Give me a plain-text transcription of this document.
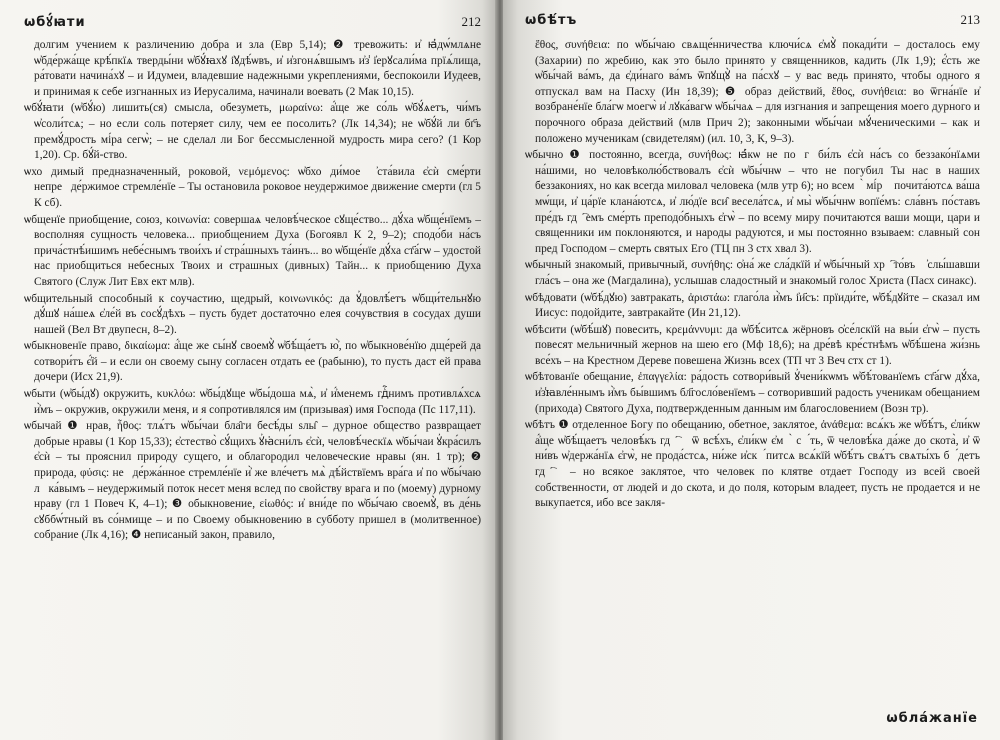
ѡбꙋ́ꙗти	212

долгим учением к различению добра и зла (Евр 5,14); ❷ тревожить: и҆ ꙗ҆дѡ́млѧне ѡ҆бде́ржа́ще крѣ́пкїѧ тверды́ни ѡ҆бꙋ́ꙗхꙋ і҆ꙋдѣ́ѡвъ, и҆ и҆згонѧ́вшымъ и҆з̾ і҆ерꙋсали́ма прїѧ́лища, ра́товати начина́хꙋ – и Идумеи, владевшие надежными укреплениями, беспокоили Иудеев, и принимая к себе изгнанных из Иерусалима, начинали воевать (2 Мак 10,15).

ѡбꙋ́ꙗти (ѡ҆бꙋ́ю) лишить(ся) смысла, обезуметь, μωραίνω: а҆́ще же со́ль ѡ҆бꙋ́ѧетъ, чи́мъ ѡ҆соли́тсѧ; – но если соль потеряет силу, чем ее посолить? (Лк 14,34); не ѡ҆бꙋ́й ли бг҃ъ премꙋ́дрость мі́ра сегѡ̀; – не сделал ли Бог бессмысленной мудрость мира сего? (1 Кор 1,20). Ср. бꙋ́й-ство.

ѡхоꙺдимый предназначенный, роковой, νεμόμενος: ѡ҆бхоꙺди́мое ꙋ҆ста́вила є҆сѝ сме́рти непреꙺде́ржимое стремле́нїе – Ты остановила роковое неудержимое движение смерти (гл 5 К сб).

ѡбщенїе приобщение, союз, κοινωνία: совершаѧ человѣ́ческое сꙋще́ство... дꙋ́ха ѡ҆бще́нїемъ – восполняя сущность человека... приобщением Духа (Богоявл К 2, 9–2); сподо́би на́съ прича́стнѣ́ишимъ небе́снымъ твои́хъ и҆ стра́шныхъ та́инъ... во ѡ҆бще́нїе дꙋ́ха ст҃а́гѡ – удостой нас приобщиться небесных Твоих и страшных (дивных) Тайн... к приобщению Духа Святого (Служ Лит Евх ект млв).

ѡбщительный способный к соучастию, щедрый, κοινωνικός: да ꙋ҆довлѣ́етъ ѡ҆бщи́тельнꙋю дꙋ́шꙋ на́шеѧ є҆ле́й въ сосꙋ́дѣхъ – пусть будет достаточно елея сочувствия в сосудах души нашей (Вел Вт двупесн, 8–2).

ѡбыкновенїе право, δικαίωμα: а҆́ще же сы́нꙋ своемꙋ̀ ѡ҆бѣ́ща́етъ ю҆̀, по ѡ҆быкнове́нїю дще́рей да сотвори́тъ є҆́й – и если он своему сыну согласен отдать ее (рабыню), то пусть даст ей права дочери (Исх 21,9).

ѡбыти (ѡ҆бы́дꙋ) окружить, κυκλόω: ѡ҆бы́дꙋще ѡ҆бы́доша мѧ̀, и҆ и҆́менемъ гдⷭ҇нимъ противлѧ́хсѧ и҆̀мъ – окружив, окружили меня, и я сопротивлялся им (призывая) имя Господа (Пс 117,11).

ѡбычай ❶ нрав, ἦθος: тлѧ́тъ ѡ҆бы́чаи бла̑ги бесѣ́ды ѕлы̑ – дурное общество развращает добрые нравы (1 Кор 15,33); є҆стество̀ сꙋ́щихъ ꙋ҆ꙗ҆сни́лъ є҆сѝ, человѣ́ческїѧ ѡ҆бы́чаи ꙋ҆кра́силъ є҆сѝ – ты прояснил природу сущего, и облагородил человеческие нравы (ян. 1 тр); ❷ природа, φύσις: неꙺде́ржа́нное стремле́нїе и҆̀ же вле́четъ мѧ̀ дѣ́йствїемъ вра́га и҆ по ѡ҆бы́чаю лꙋка́вымъ – неудержимый поток несет меня вслед по свойству врага и по (моему) дурному нраву (гл 1 Повеч К, 4–1); ❸ обыкновение, εἰωθός: и҆ вни́де по ѡ҆бы́чаю своемꙋ̀, въ де́нь сꙋббѡ́тный въ со́нмище – и по Своему обыкновению в субботу пришел в (молитвенное) собрание (Лк 4,16); ❹ неписаный закон, правило,

ѡбѣ́тъ	213

ἔθος, συνήθεια: по ѡ҆бы́чаю свѧще́нничества ключи́сѧ є҆мꙋ̀ покади́ти – досталось ему (Захарии) по жребию, как это было принято у священников, кадить (Лк 1,9); є҆́сть же ѡ҆бы́чай ва́мъ, да є҆ди́наго ва́мъ ѿпꙋщꙋ̀ на па́схꙋ – у вас ведь принято, чтобы одного я отпускал вам на Пасху (Ин 18,39); ❺ образ действий, ἔθος, συνήθεια: во ѿгна́нїе и҆ возбране́нїе бла́гѡ моегѡ̀ и҆ лꙋка́вагѡ ѡ҆бы́чаѧ – для изгнания и запрещения моего дурного и порочного образа действий (млв Прич 2); законными ѡ҆бы́чаи мꙋ́ченическими – как и положено мученикам (свидетелям) (ил. 10, 3, К, 9–3).

ѡбычно ❶ постоянно, всегда, συνήθως: ꙗ҆́кѡ не поꙺгꙋби́лъ є҆сѝ на́съ со беззако́нїѧми на́шими, но человѣколю́бствовалъ є҆сѝ ѡ҆бы́чнѡ – что не погубил Ты нас в наших беззакониях, но как всегда миловал человека (млв утр 6); но всемꙋ̀ мі́рꙋ почита́ютсѧ ва́ша мѡ́щи, и҆ ца́рїе клана́ютсѧ, и҆ лю́дїе вси̑ весела́тсѧ, и҆ мы̀ ѡ҆бы́чнѡ вопїе́мъ: сла́внъ по́ставъ пре́дъ гдⷭ҇емъ сме́рть преподо́бныхъ є҆гѡ̀ – по всему миру почитаются ваши мощи, цари и священники им поклоняются, и народы радуются, и мы постоянно взываем: славный сон пред Господом – смерть святых Его (ТЦ пн 3 стх хвал 3).

ѡбычный знакомый, привычный, συνήθης: ѻ҆на́ же сла́дкїй и҆ ѡ҆бы́чный хрⷭ҇то́въ ꙋ҆слы́шавши гла́съ – она же (Магдалина), услышав сладостный и знакомый голос Христа (Пасх синакс).

ѡбѣдовати (ѡ҆бѣ́дꙋю) завтракать, ἀριστάω: глаго́ла и҆̀мъ і҆и҃съ: прїиди́те, ѡ҆бѣ́дꙋйте – сказал им Иисус: подойдите, завтракайте (Ин 21,12).

ѡбѣсити (ѡ҆бѣ́шꙋ) повесить, κρεμάννυμι: да ѡ҆бѣ́ситсѧ жёрновъ ѻ҆се́лскїй на вы́и є҆гѡ̀ – пусть повесят мельничный жернов на шею его (Мф 18,6); на дре́вѣ кре́стнѣмъ ѡ҆бѣ́шена жи́знь все́хъ – на Крестном Дереве повешена Жизнь всех (ТП чт 3 Веч стх ст 1).

ѡбѣтованїе обещание, ἐπαγγελία: ра́дость сотвори́вый ꙋ҆чени́кѡмъ ѡ҆бѣ́тованїемъ ст҃а́гѡ дꙋ́ха, и҆з̾ꙗвле́ннымъ и҆̀мъ бы́вшимъ бл҃госло́венїемъ – сотворивший радость ученикам обещанием (прихода) Святого Духа, подтвержденным данным им благословением (Возн тр).

ѡбѣтъ ❶ отделенное Богу по обещанию, обетное, заклятое, ἀνάθεμα: всѧ́къ же ѡ҆бѣ́тъ, є҆ли́кѡ а҆́ще ѡ҆бѣ́щаетъ человѣ́къ гдⷭ҇ꙋ ѿ всѣ́хъ, є҆ли́кѡ є҆мꙋ̀ сꙋ́ть, ѿ человѣ́ка да́же до скота̀, и҆ ѿ ни́въ ѡ҆держа́нїѧ є҆гѡ̀, не прода́стсѧ, ни́же и҆скꙋ́питсѧ всѧ́кїй ѡ҆бѣ́тъ свѧ́тъ свѧты́хъ бꙋ́детъ гдⷭ҇ꙋ – но всякое заклятое, что человек по клятве отдает Господу из всей своей собственности, от людей и до скота, и до поля, которым владеет, пусть не продается и не выкупается, ибо все закля-

ѡбла́жанїе
